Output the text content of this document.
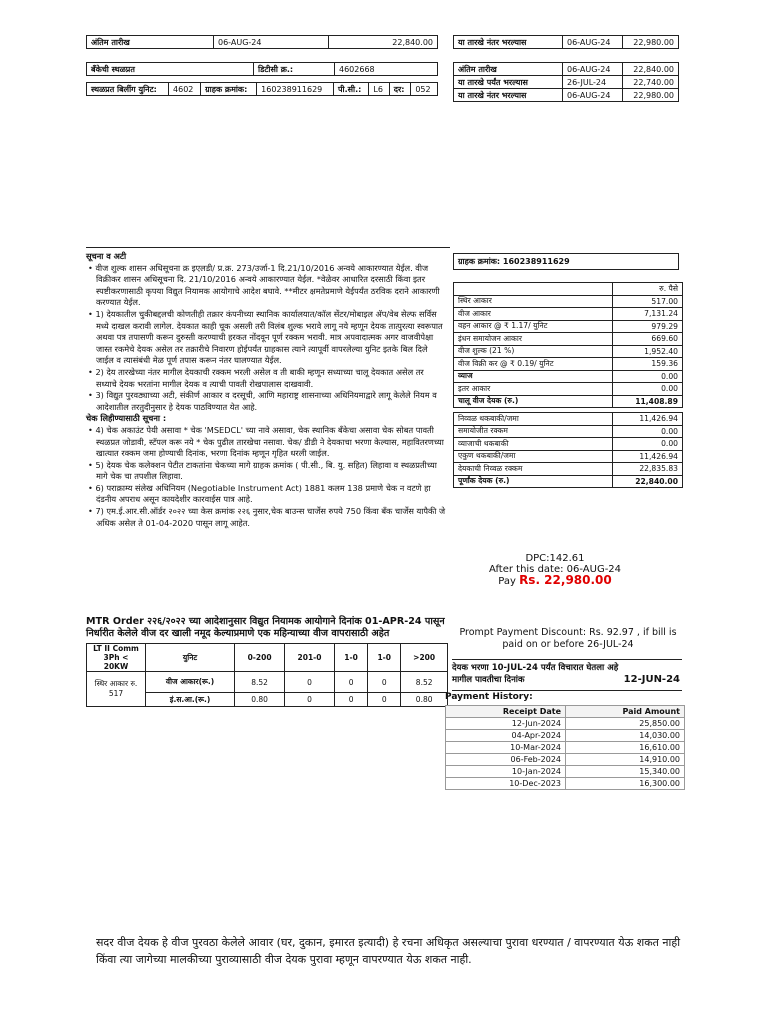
अंतिम तारीख	06-AUG-24	22,840.00
बँकेची स्थळप्रत	डिटीसी क्र.:	4602668
स्थळप्रत बिलींग युनिट:	4602	ग्राहक क्रमांक:	160238911629	पी.सी.:	L6	दर:	052
या तारखे नंतर भरल्यास	06-AUG-24	22,980.00
अंतिम तारीख	06-AUG-24	22,840.00
या तारखे पर्यंत भरल्यास	26-JUL-24	22,740.00
या तारखे नंतर भरल्यास	06-AUG-24	22,980.00

सूचना व अटी

• वीज शुल्क शासन अधिसूचना क्र इएलडी/ प्र.क्र. 273/उर्जा-1 दि.21/10/2016 अन्वये आकारण्यात येईल. वीज विक्रीकर शासन अधिसूचना दि. 21/10/2016 अन्वये आकारण्यात येईल. *वेळेवर आधारित दरसाठी किंवा इतर स्पष्टीकरणासाठी कृपया विद्युत नियामक आयोगाचे आदेश बघावे. **मीटर क्षमतेप्रमाणे येईपर्यंत ठरविक दराने आकारणी करण्यात येईल.

• 1) देयकातील चुकीबद्दलची कोणतीही तक्रार कंपनीच्या स्थानिक कार्यालयात/कॉल सेंटर/मोबाइल ॲप/वेब सेल्फ सर्विस मध्ये दाखल करावी लागेल. देयकात काही चूक असली तरी विलंब शुल्क भरावे लागू नये म्हणून देयक तात्पुरत्या स्वरूपात अथवा पत्र तपासणी करून दुरुस्ती करण्याची हरकत नोंदवून पूर्ण रक्कम भरावी. मात्र अपवादात्मक अगर वाजवीपेक्षा जास्त रकमेचे देयक असेल तर तक्रारीचे निवारण होईपर्यंत ग्राहकास त्याने त्यापूर्वी वापरलेल्या युनिट इतके बिल दिले जाईल व त्यासंबंधी मेळ पूर्ण तपास करून नंतर घालण्यात येईल.

• 2) देय तारखेच्या नंतर मागील देयकाची रक्कम भरली असेल व ती बाकी म्हणून सध्याच्या चालू देयकात असेल तर सध्याचे देयक भरतांना मागील देयक व त्याची पावती रोखपालास दाखवावी.

• 3) विद्युत पुरवठ्याच्या अटी, संकीर्ण आकार व दरसूची, आणि महाराष्ट्र शासनाच्या अधिनियमाद्वारे लागू केलेले नियम व आदेशातील तरतुदीनुसार हे देयक पाठविण्यात येत आहे.

चेक लिहीण्यासाठी सूचना :

• 4) चेक अकाउंट पेयी असावा * चेक 'MSEDCL' च्या नावे असावा, चेक स्थानिक बँकेचा असावा चेक सोबत पावती स्थळप्रत जोडावी, स्टॅपल करू नये * चेक पुढील तारखेचा नसावा. चेक/ डीडी ने देयकाचा भरणा केल्यास, महावितरणच्या खात्यात रक्कम जमा होण्याची दिनांक, भरणा दिनांक म्हणून गृहित धरली जाईल.

• 5) देयक चेक कलेक्शन पेटीत टाकतांना चेकच्या मागे ग्राहक क्रमांक ( पी.सी., बि. यु. सहित) लिहावा व स्थळप्रतीच्या मागे चेक चा तपशील लिहावा.

• 6) पराक्राम्य संलेख अधिनियम (Negotiable Instrument Act) 1881 कलम 138 प्रमाणे चेक न वटणे हा दंडनीय अपराध असून कायदेशीर कारवाईस पात्र आहे.

• 7) एम.ई.आर.सी.ऑर्डर २०२२ च्या केस क्रमांक २२६ नुसार,चेक बाउन्स चार्जेस रुपये 750 किंवा बँक चार्जेस यापैकी जे अधिक असेल ते 01-04-2020 पासून लागू आहेत.

MTR Order २२६/२०२२ च्या आदेशानुसार विद्युत नियामक आयोगाने दिनांक 01-APR-24 पासून
निर्धारीत केलेले वीज दर खाली नमूद केल्याप्रमाणे एक महिन्याच्या वीज वापरासाठी अहेत
LT II Comm 3Ph < 20KW	युनिट	0-200	201-0	1-0	1-0	>200
स्थिर आकार रु. 517	वीज आकार(रू.)	8.52	0	0	0	8.52
	इं.स.आ.(रू.)	0.80	0	0	0	0.80
ग्राहक क्रमांक: 160238911629
	रु. पैसे
स्थिर आकार	517.00
वीज आकार	7,131.24
वहन आकार @ ₹ 1.17/ युनिट	979.29
इंधन समायोजन आकार	669.60
वीज शुल्क (21 %)	1,952.40
वीज विक्री कर @ ₹ 0.19/ युनिट	159.36
व्याज	0.00
इतर आकार	0.00
चालू वीज देयक (रु.)	11,408.89

निव्वळ थकबाकी/जमा	11,426.94
समायोजीत रक्कम	0.00
व्याजाची थकबाकी	0.00
एकुण थकबाकी/जमा	11,426.94
देयकाची निव्वळ रक्कम	22,835.83
पूर्णांक देयक (रु.)	22,840.00
DPC:142.61
After this date: 06-AUG-24
Pay Rs. 22,980.00
Prompt Payment Discount: Rs. 92.97 , if bill is paid on or before 26-JUL-24
देयक भरणा 10-JUL-24 पर्यंत विचारात घेतला अहे
मागील पावतीचा दिनांक	12-JUN-24
Payment History:
Receipt Date	Paid Amount
12-Jun-2024	25,850.00
04-Apr-2024	14,030.00
10-Mar-2024	16,610.00
06-Feb-2024	14,910.00
10-Jan-2024	15,340.00
10-Dec-2023	16,300.00
सदर वीज देयक हे वीज पुरवठा केलेले आवार (घर, दुकान, इमारत इत्यादी) हे रचना अधिकृत असल्याचा पुरावा धरण्यात / वापरण्यात येऊ शकत नाही किंवा त्या जागेच्या मालकीच्या पुराव्यासाठी वीज देयक पुरावा म्हणून वापरण्यात येऊ शकत नाही.
